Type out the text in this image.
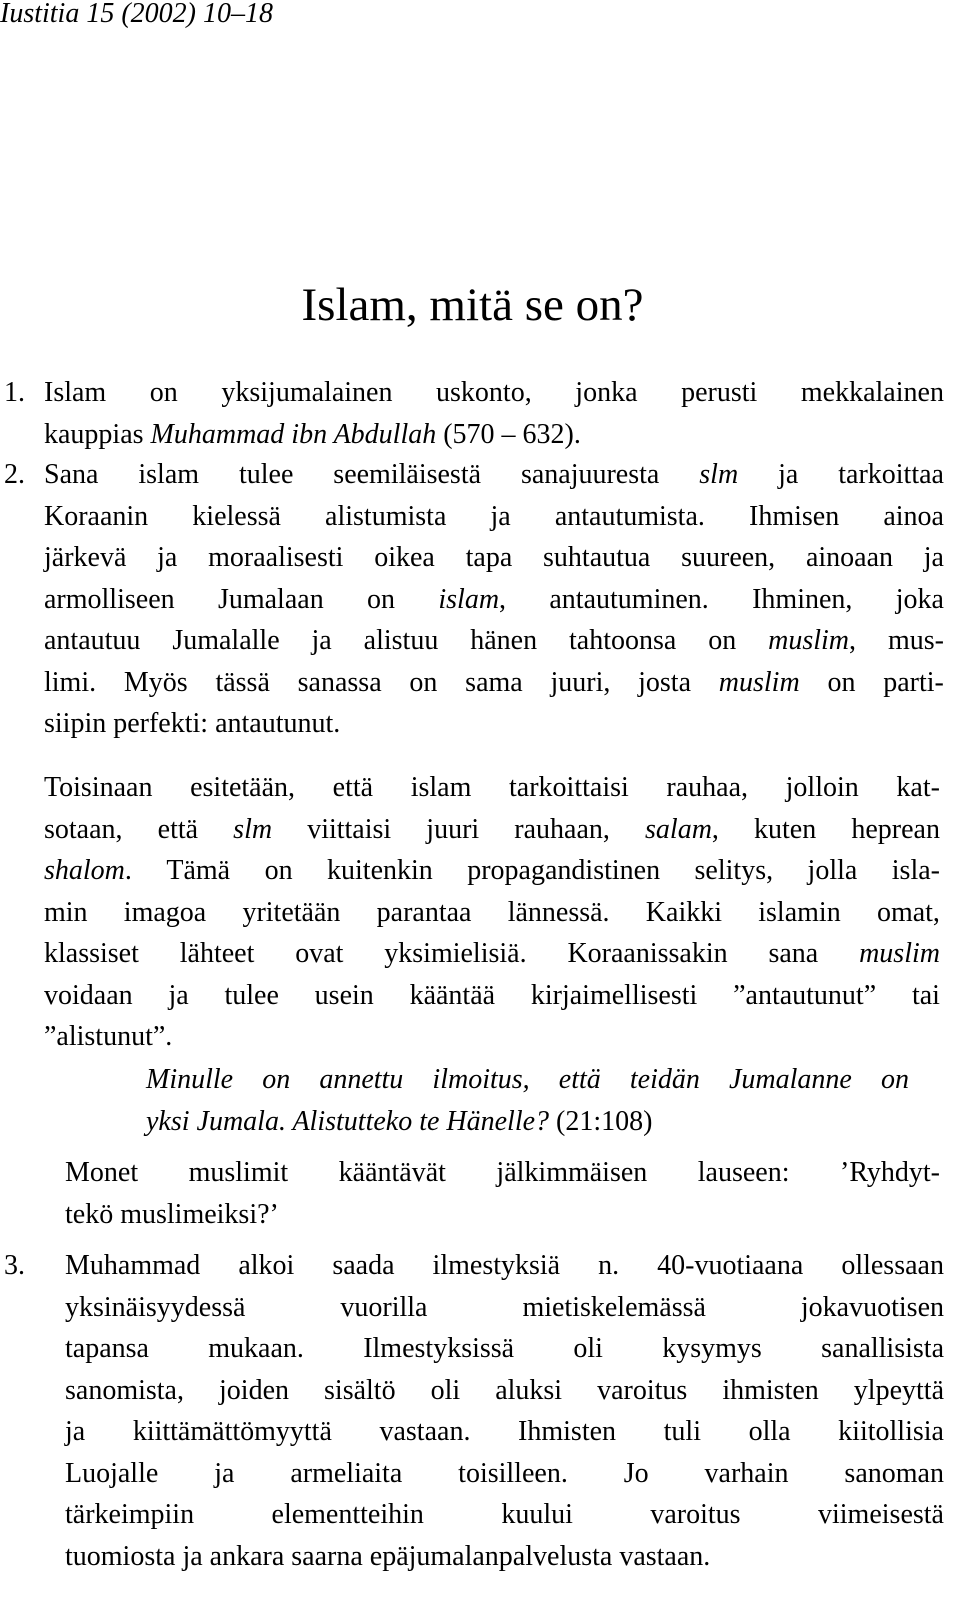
Iustitia 15 (2002) 10–18
Islam, mitä se on?
1. Islam on yksijumalainen uskonto, jonka perusti mekkalainen
kauppias Muhammad ibn Abdullah (570 – 632).
2. Sana islam tulee seemiläisestä sanajuuresta slm ja tarkoittaa
Koraanin kielessä alistumista ja antautumista. Ihmisen ainoa
järkevä ja moraalisesti oikea tapa suhtautua suureen, ainoaan ja
armolliseen Jumalaan on islam, antautuminen. Ihminen, joka
antautuu Jumalalle ja alistuu hänen tahtoonsa on muslim, mus-
limi. Myös tässä sanassa on sama juuri, josta muslim on parti-
siipin perfekti: antautunut.
Toisinaan esitetään, että islam tarkoittaisi rauhaa, jolloin kat-
sotaan, että slm viittaisi juuri rauhaan, salam, kuten heprean
shalom. Tämä on kuitenkin propagandistinen selitys, jolla isla-
min imagoa yritetään parantaa lännessä. Kaikki islamin omat,
klassiset lähteet ovat yksimielisiä. Koraanissakin sana muslim
voidaan ja tulee usein kääntää kirjaimellisesti ”antautunut” tai
”alistunut”.
Minulle on annettu ilmoitus, että teidän Jumalanne on
yksi Jumala. Alistutteko te Hänelle? (21:108)
Monet muslimit kääntävät jälkimmäisen lauseen: ’Ryhdyt-
tekö muslimeiksi?’
3.	Muhammad alkoi saada ilmestyksiä n. 40-vuotiaana ollessaan
yksinäisyydessä	vuorilla	mietiskelemässä	jokavuotisen
tapansa mukaan. Ilmestyksissä oli kysymys sanallisista
sanomista, joiden sisältö oli aluksi varoitus ihmisten ylpeyttä
ja kiittämättömyyttä vastaan. Ihmisten tuli olla kiitollisia
Luojalle ja armeliaita toisilleen. Jo varhain sanoman
tärkeimpiin	elementteihin	kuului	varoitus	viimeisestä
tuomiosta ja ankara saarna epäjumalanpalvelusta vastaan.
